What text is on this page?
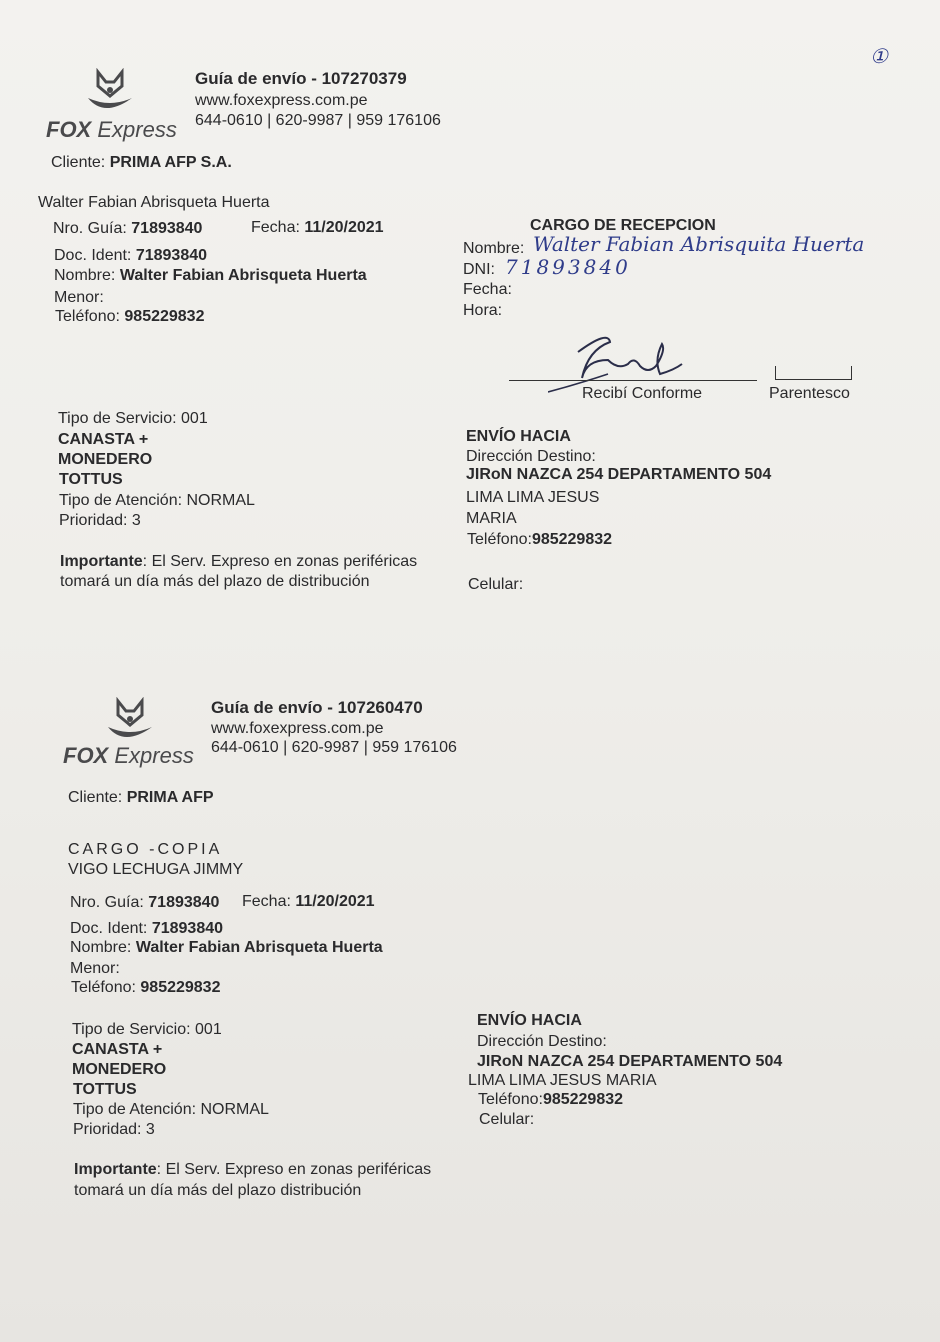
①
FOX Express
Guía de envío - 107270379
www.foxexpress.com.pe
644-0610 | 620-9987 | 959 176106
Cliente: PRIMA AFP S.A.
Walter Fabian Abrisqueta Huerta
Nro. Guía: 71893840	Fecha: 11/20/2021
Doc. Ident: 71893840
Nombre: Walter Fabian Abrisqueta Huerta
Menor:
Teléfono: 985229832
CARGO DE RECEPCION
Nombre: Walter Fabian Abrisquita Huerta
DNI: 71893840
Fecha:
Hora:
Recibí Conforme	Parentesco
Tipo de Servicio: 001
CANASTA +
MONEDERO
TOTTUS
Tipo de Atención: NORMAL
Prioridad: 3
Importante: El Serv. Expreso en zonas periféricas
tomará un día más del plazo de distribución
ENVÍO HACIA
Dirección Destino:
JIRoN NAZCA 254 DEPARTAMENTO 504
LIMA LIMA JESUS
MARIA
Teléfono:985229832
Celular:
FOX Express
Guía de envío - 107260470
www.foxexpress.com.pe
644-0610 | 620-9987 | 959 176106
Cliente: PRIMA AFP
CARGO -COPIA
VIGO LECHUGA JIMMY
Nro. Guía: 71893840 Fecha: 11/20/2021
Doc. Ident: 71893840
Nombre: Walter Fabian Abrisqueta Huerta
Menor:
Teléfono: 985229832
Tipo de Servicio: 001
CANASTA +
MONEDERO
TOTTUS
Tipo de Atención: NORMAL
Prioridad: 3
Importante: El Serv. Expreso en zonas periféricas
tomará un día más del plazo distribución
ENVÍO HACIA
Dirección Destino:
JIRoN NAZCA 254 DEPARTAMENTO 504
LIMA LIMA JESUS MARIA
Teléfono:985229832
Celular:
